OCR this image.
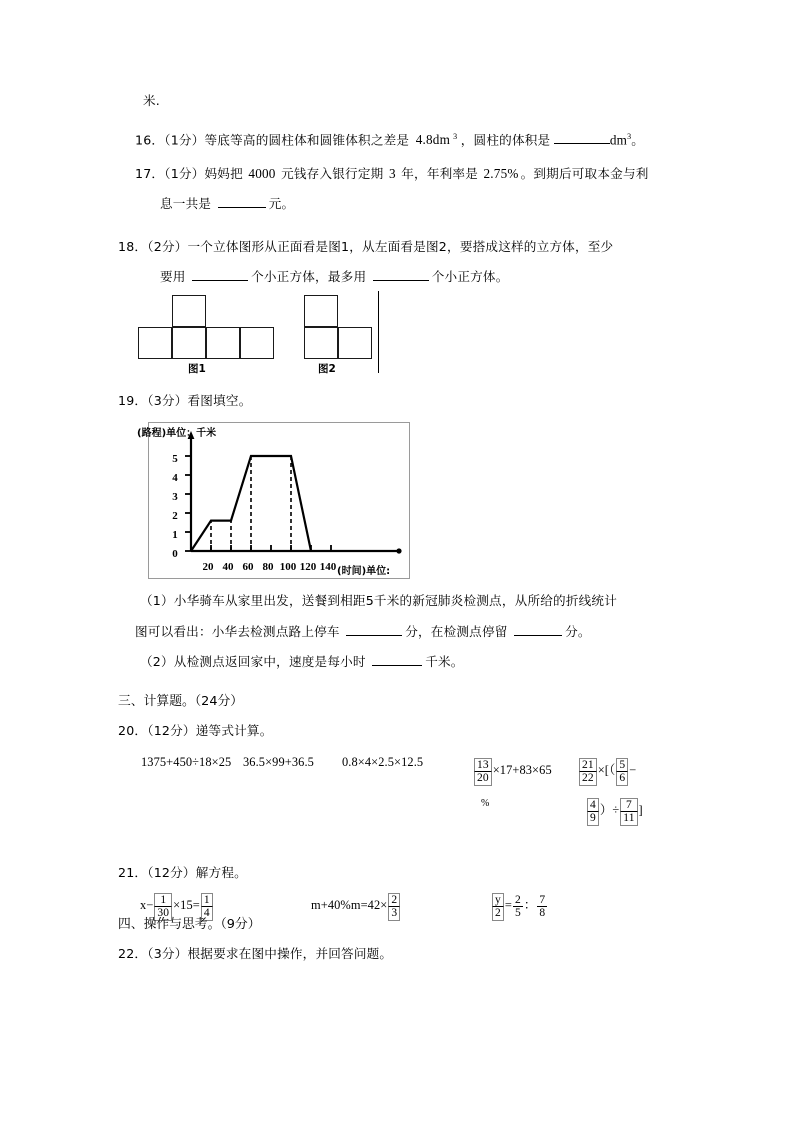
米.
16．（1分）等底等高的圆柱体和圆锥体积之差是 4.8dm $^3$ ，圆柱的体积是	$dm^3$。
17．（1分）妈妈把 4000 元钱存入银行定期 3 年，年利率是 2.75% 。到期后可取本金与利
息一共是	元。
18．（2分）一个立体图形从正面看是图1，从左面看是图2，要搭成这样的立方体，至少
要用	个小正方体，最多用	个小正方体。
图1	图2
19．（3分）看图填空。
(路程)单位：千米
(时间)单位:
0
1
2
3
4
5
20 40 60 80 100 120 140
（1）小华骑车从家里出发，送餐到相距5千米的新冠肺炎检测点，从所给的折线统计
图可以看出：小华去检测点路上停车	分，在检测点停留	分。
（2）从检测点返回家中，速度是每小时	千米。
三、计算题。（24分）
20．（12分）递等式计算。
1375+450÷18×25 36.5×99+36.5 0.8×4×2.5×12.5	$\frac{13}{20} \times 17+83\times 65$
%
$\frac{21}{22}$ ×[（ $\frac{5}{6}$ −
$\frac{4}{9}$ ）÷ $\frac{7}{11}$ ]
21．（12分）解方程。
$x- \frac{1}{30} \times 15= \frac{1}{4}$	$m+40\%m=42\times \frac{2}{3}$	$\frac{y}{2} = \frac{2}{5}$ ： $\frac{7}{8}$
四、操作与思考。（9分）
22．（3分）根据要求在图中操作，并回答问题。
